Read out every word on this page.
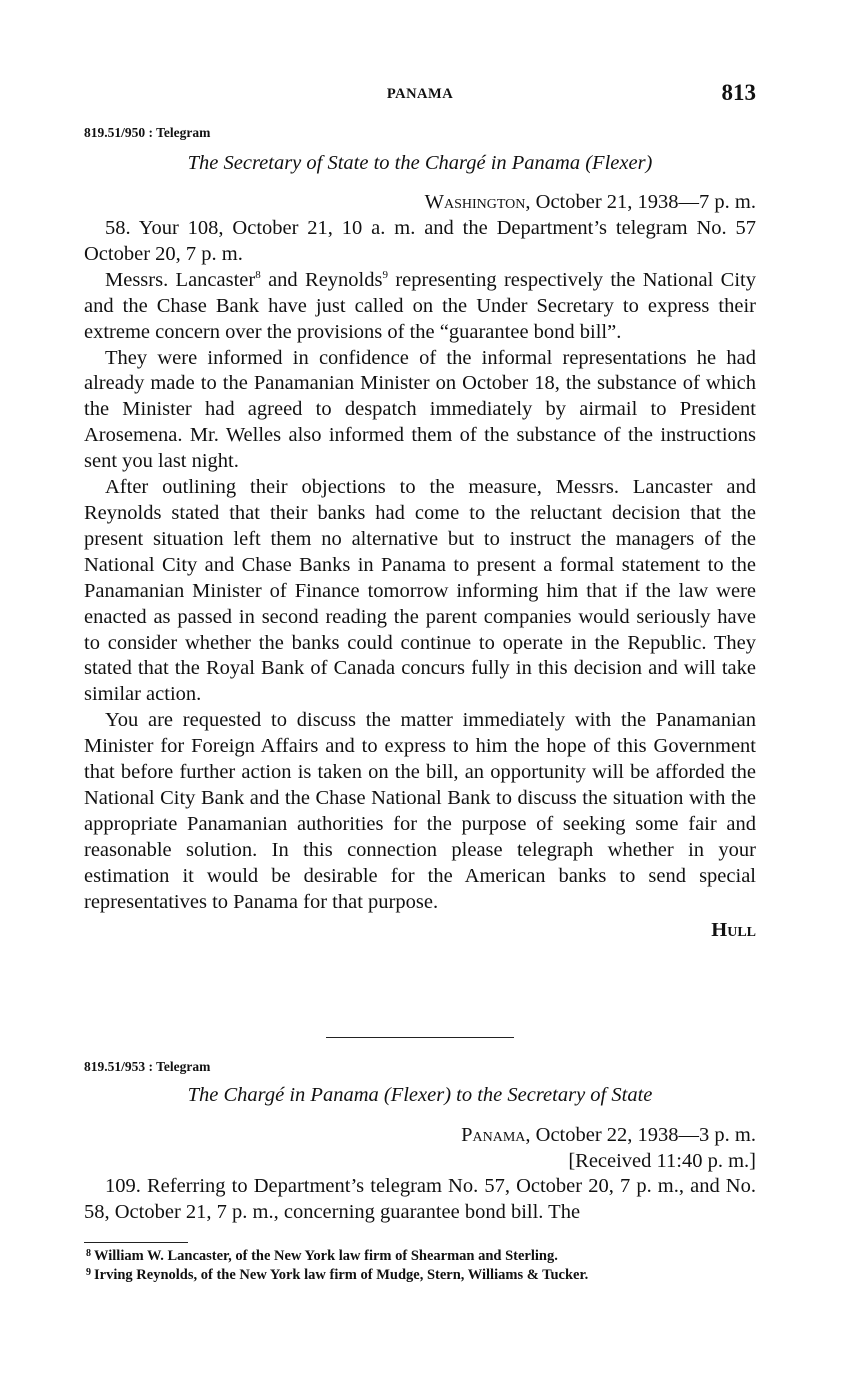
PANAMA	813

819.51/950 : Telegram

The Secretary of State to the Chargé in Panama (Flexer)

Washington, October 21, 1938—7 p. m.

58. Your 108, October 21, 10 a. m. and the Department’s telegram No. 57 October 20, 7 p. m.

Messrs. Lancaster$^8$ and Reynolds$^9$ representing respectively the National City and the Chase Bank have just called on the Under Secretary to express their extreme concern over the provisions of the “guarantee bond bill”.

They were informed in confidence of the informal representations he had already made to the Panamanian Minister on October 18, the substance of which the Minister had agreed to despatch immediately by airmail to President Arosemena. Mr. Welles also informed them of the substance of the instructions sent you last night.

After outlining their objections to the measure, Messrs. Lancaster and Reynolds stated that their banks had come to the reluctant decision that the present situation left them no alternative but to instruct the managers of the National City and Chase Banks in Panama to present a formal statement to the Panamanian Minister of Finance tomorrow informing him that if the law were enacted as passed in second reading the parent companies would seriously have to consider whether the banks could continue to operate in the Republic. They stated that the Royal Bank of Canada concurs fully in this decision and will take similar action.

You are requested to discuss the matter immediately with the Panamanian Minister for Foreign Affairs and to express to him the hope of this Government that before further action is taken on the bill, an opportunity will be afforded the National City Bank and the Chase National Bank to discuss the situation with the appropriate Panamanian authorities for the purpose of seeking some fair and reasonable solution. In this connection please telegraph whether in your estimation it would be desirable for the American banks to send special representatives to Panama for that purpose.

Hull

819.51/953 : Telegram

The Chargé in Panama (Flexer) to the Secretary of State

Panama, October 22, 1938—3 p. m.

[Received 11:40 p. m.]

109. Referring to Department’s telegram No. 57, October 20, 7 p. m., and No. 58, October 21, 7 p. m., concerning guarantee bond bill. The

$^8$ William W. Lancaster, of the New York law firm of Shearman and Sterling.

$^9$ Irving Reynolds, of the New York law firm of Mudge, Stern, Williams & Tucker.
